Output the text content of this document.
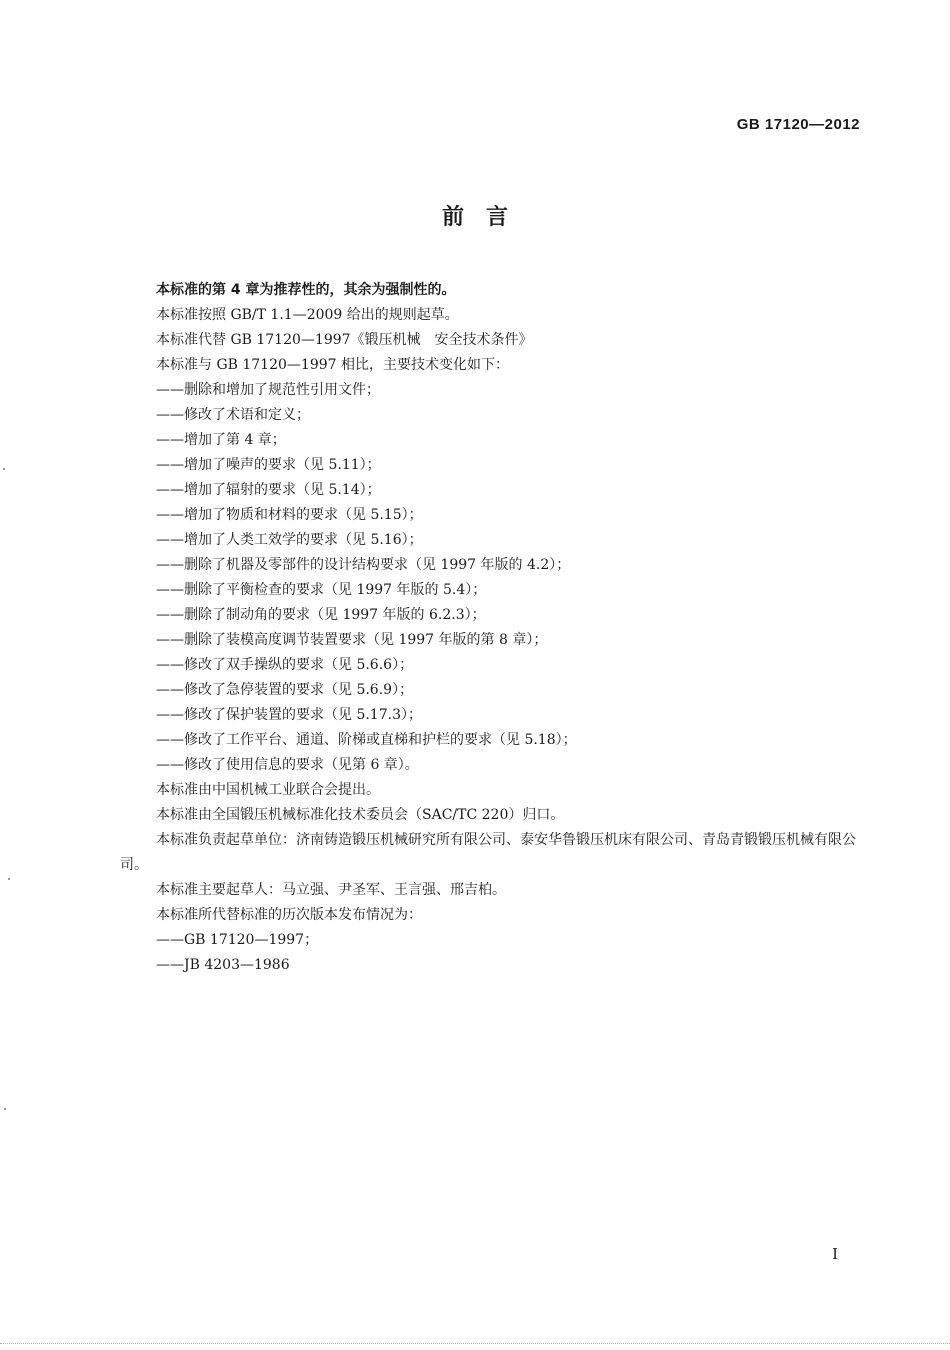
GB 17120—2012
前　言

本标准的第 4 章为推荐性的，其余为强制性的。

本标准按照 GB/T 1.1—2009 给出的规则起草。

本标准代替 GB 17120—1997《锻压机械　安全技术条件》

本标准与 GB 17120—1997 相比，主要技术变化如下：

——删除和增加了规范性引用文件；

——修改了术语和定义；

——增加了第 4 章；

——增加了噪声的要求（见 5.11）；

——增加了辐射的要求（见 5.14）；

——增加了物质和材料的要求（见 5.15）；

——增加了人类工效学的要求（见 5.16）；

——删除了机器及零部件的设计结构要求（见 1997 年版的 4.2）；

——删除了平衡检查的要求（见 1997 年版的 5.4）；

——删除了制动角的要求（见 1997 年版的 6.2.3）；

——删除了装模高度调节装置要求（见 1997 年版的第 8 章）；

——修改了双手操纵的要求（见 5.6.6）；

——修改了急停装置的要求（见 5.6.9）；

——修改了保护装置的要求（见 5.17.3）；

——修改了工作平台、通道、阶梯或直梯和护栏的要求（见 5.18）；

——修改了使用信息的要求（见第 6 章）。

本标准由中国机械工业联合会提出。

本标准由全国锻压机械标准化技术委员会（SAC/TC 220）归口。

本标准负责起草单位：济南铸造锻压机械研究所有限公司、泰安华鲁锻压机床有限公司、青岛青锻锻压机械有限公司。

本标准主要起草人：马立强、尹圣军、王言强、邢吉柏。

本标准所代替标准的历次版本发布情况为：

——GB 17120—1997；

——JB 4203—1986

I
